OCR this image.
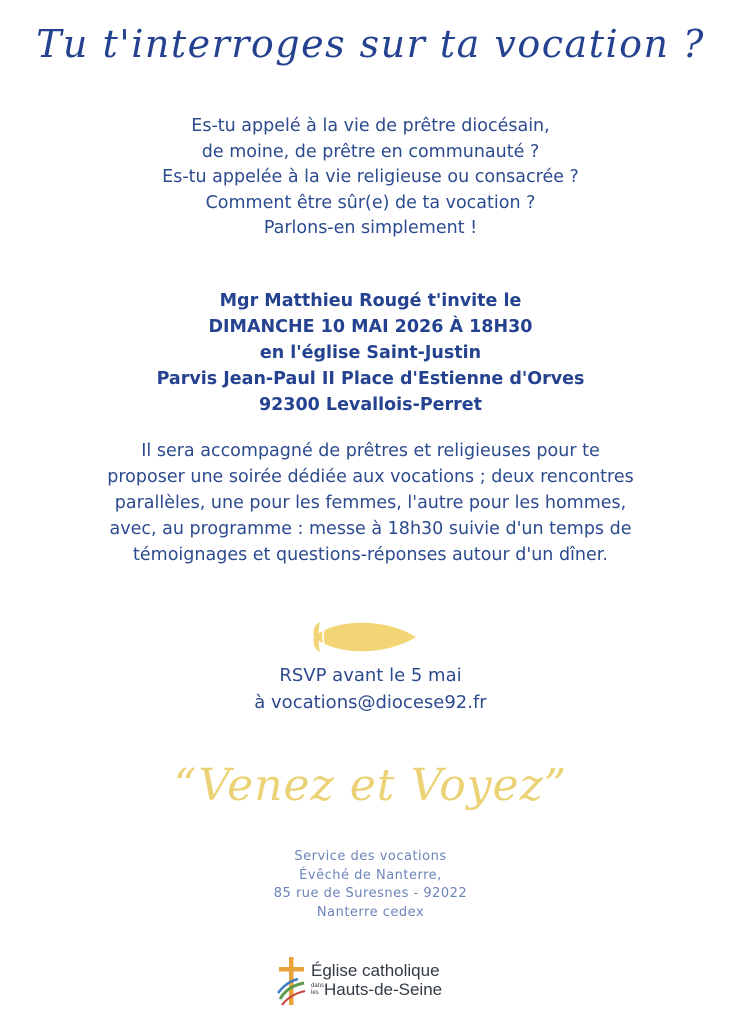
Tu t'interroges sur ta vocation ?
Es-tu appelé à la vie de prêtre diocésain,
de moine, de prêtre en communauté ?
Es-tu appelée à la vie religieuse ou consacrée ?
Comment être sûr(e) de ta vocation ?
Parlons-en simplement !
Mgr Matthieu Rougé t'invite le
DIMANCHE 10 MAI 2026 À 18H30
en l'église Saint-Justin
Parvis Jean-Paul II Place d'Estienne d'Orves
92300 Levallois-Perret
Il sera accompagné de prêtres et religieuses pour te
proposer une soirée dédiée aux vocations ; deux rencontres
parallèles, une pour les femmes, l'autre pour les hommes,
avec, au programme : messe à 18h30 suivie d'un temps de
témoignages et questions-réponses autour d'un dîner.
RSVP avant le 5 mai
à vocations@diocese92.fr
“Venez et Voyez”
Service des vocations
Évêché de Nanterre,
85 rue de Suresnes - 92022
Nanterre cedex
Église catholique
dans
les Hauts-de-Seine
